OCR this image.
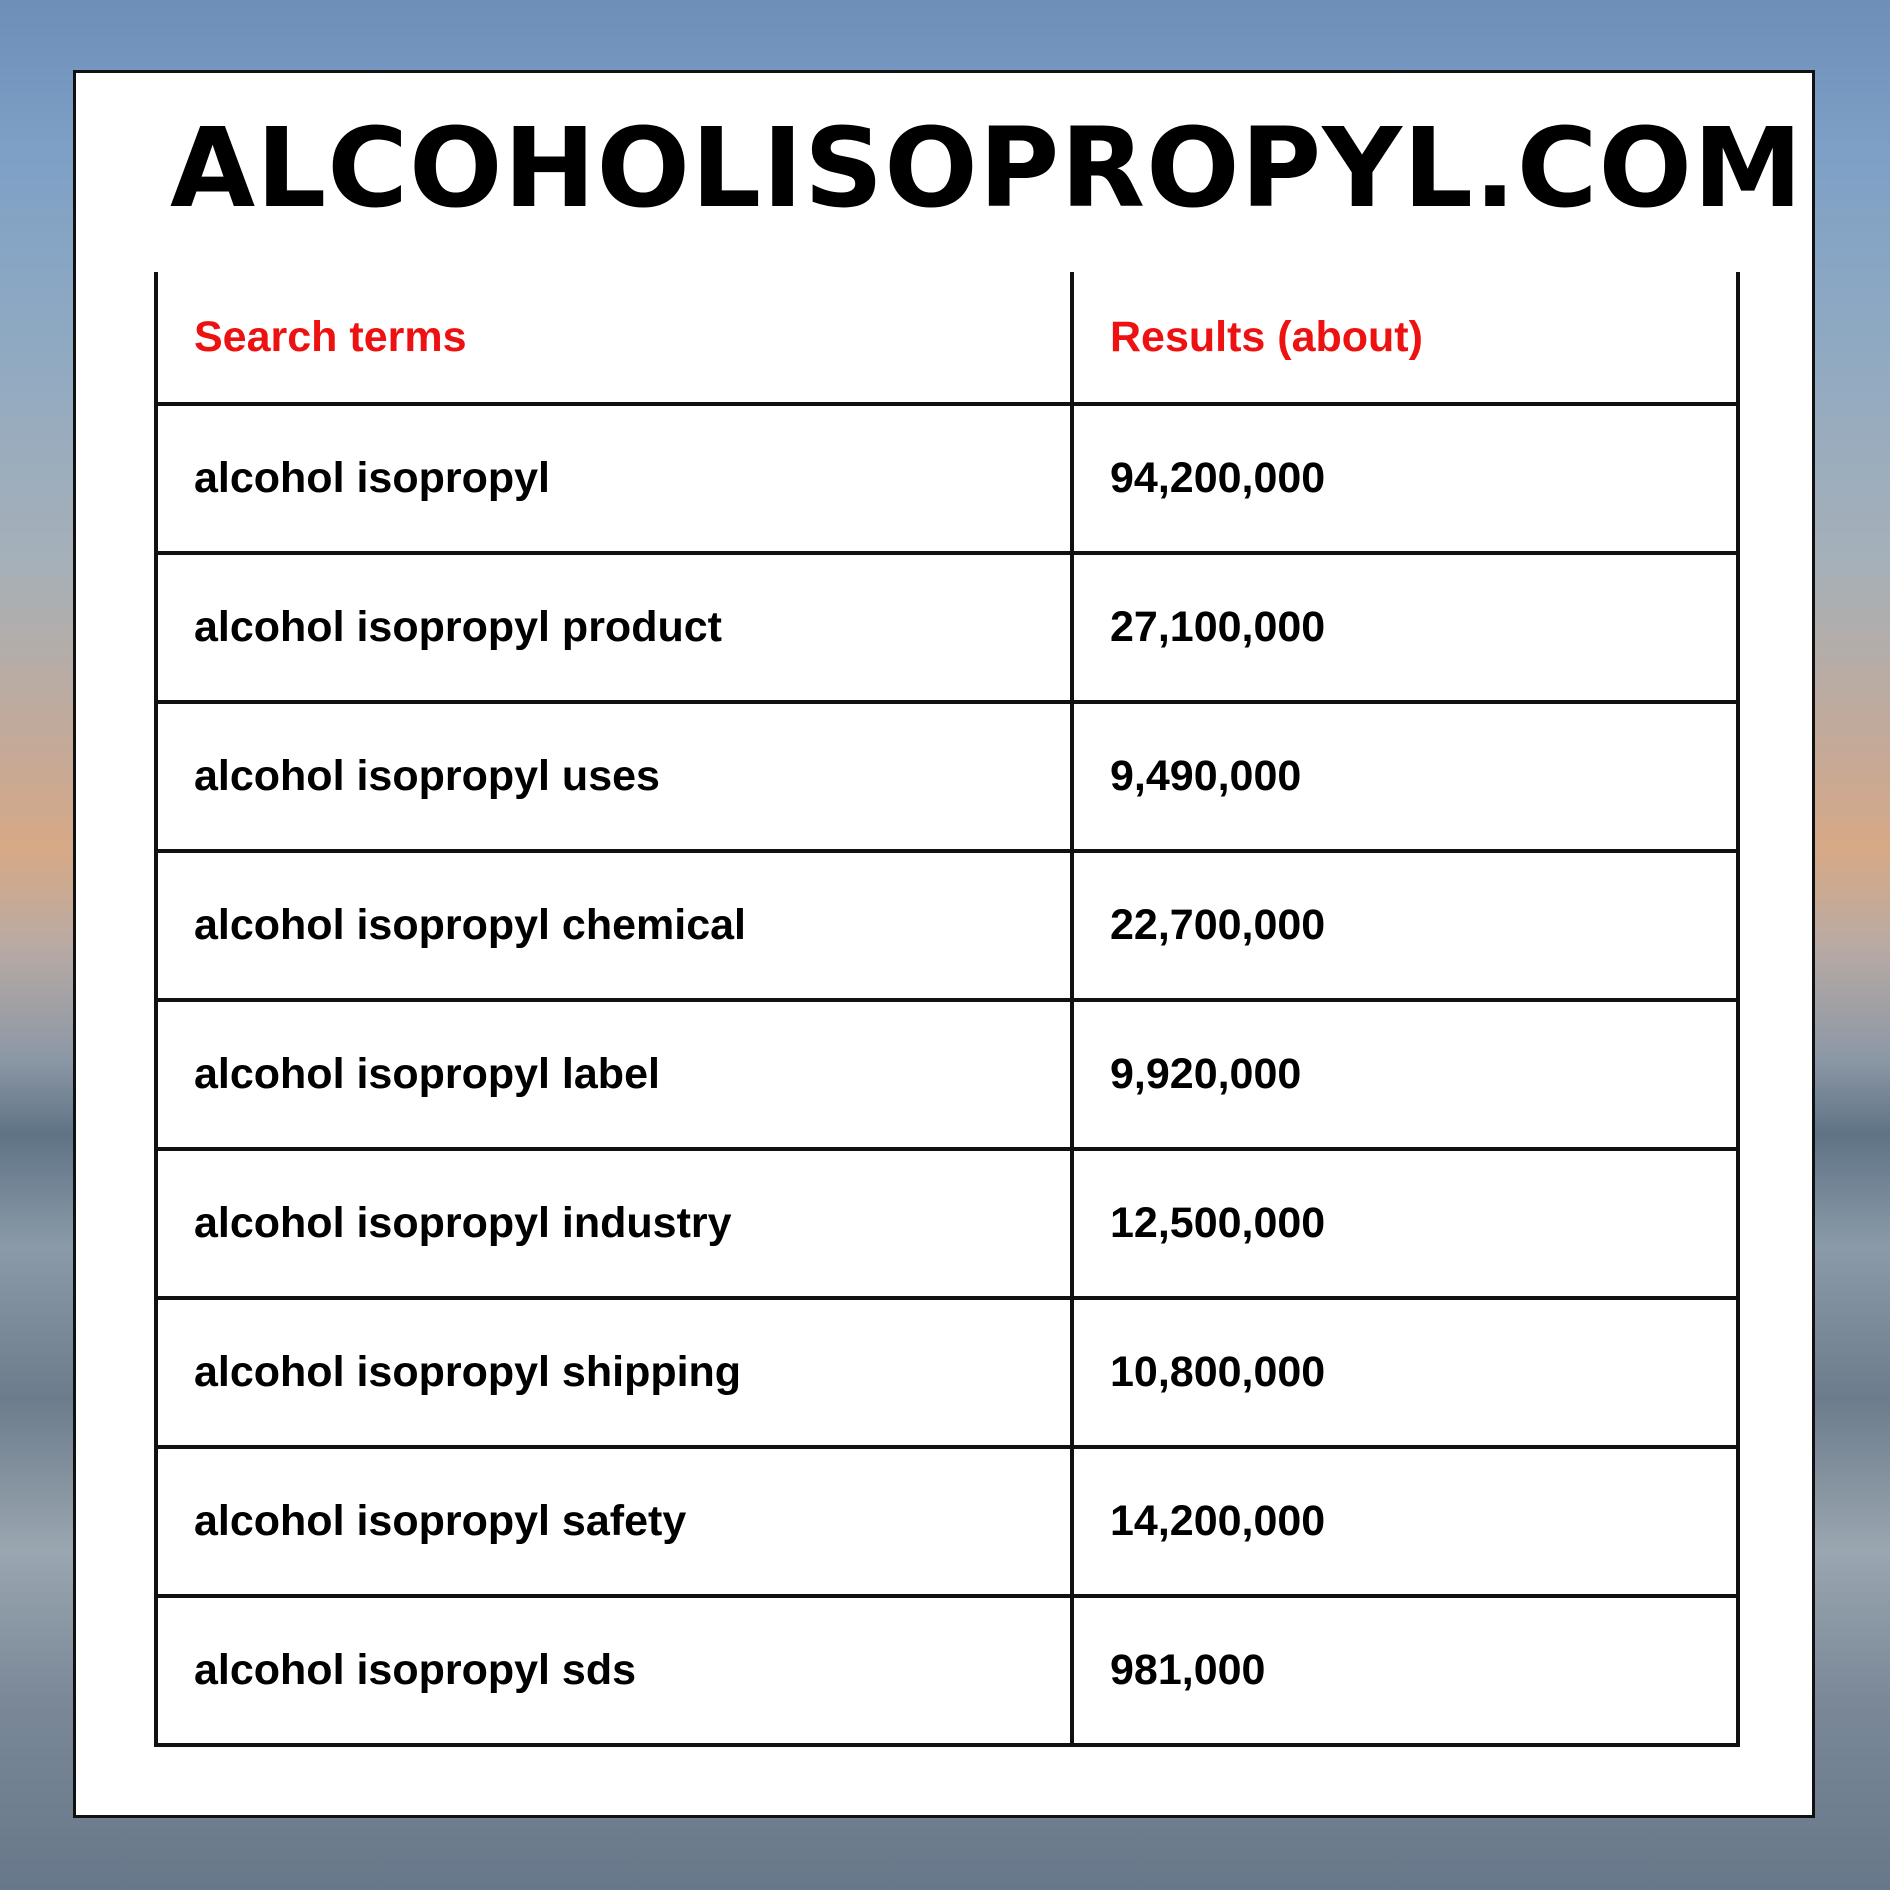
ALCOHOLISOPROPYL.COM
Search terms	Results (about)
alcohol isopropyl	94,200,000
alcohol isopropyl product	27,100,000
alcohol isopropyl uses	9,490,000
alcohol isopropyl chemical	22,700,000
alcohol isopropyl label	9,920,000
alcohol isopropyl industry	12,500,000
alcohol isopropyl shipping	10,800,000
alcohol isopropyl safety	14,200,000
alcohol isopropyl sds	981,000
